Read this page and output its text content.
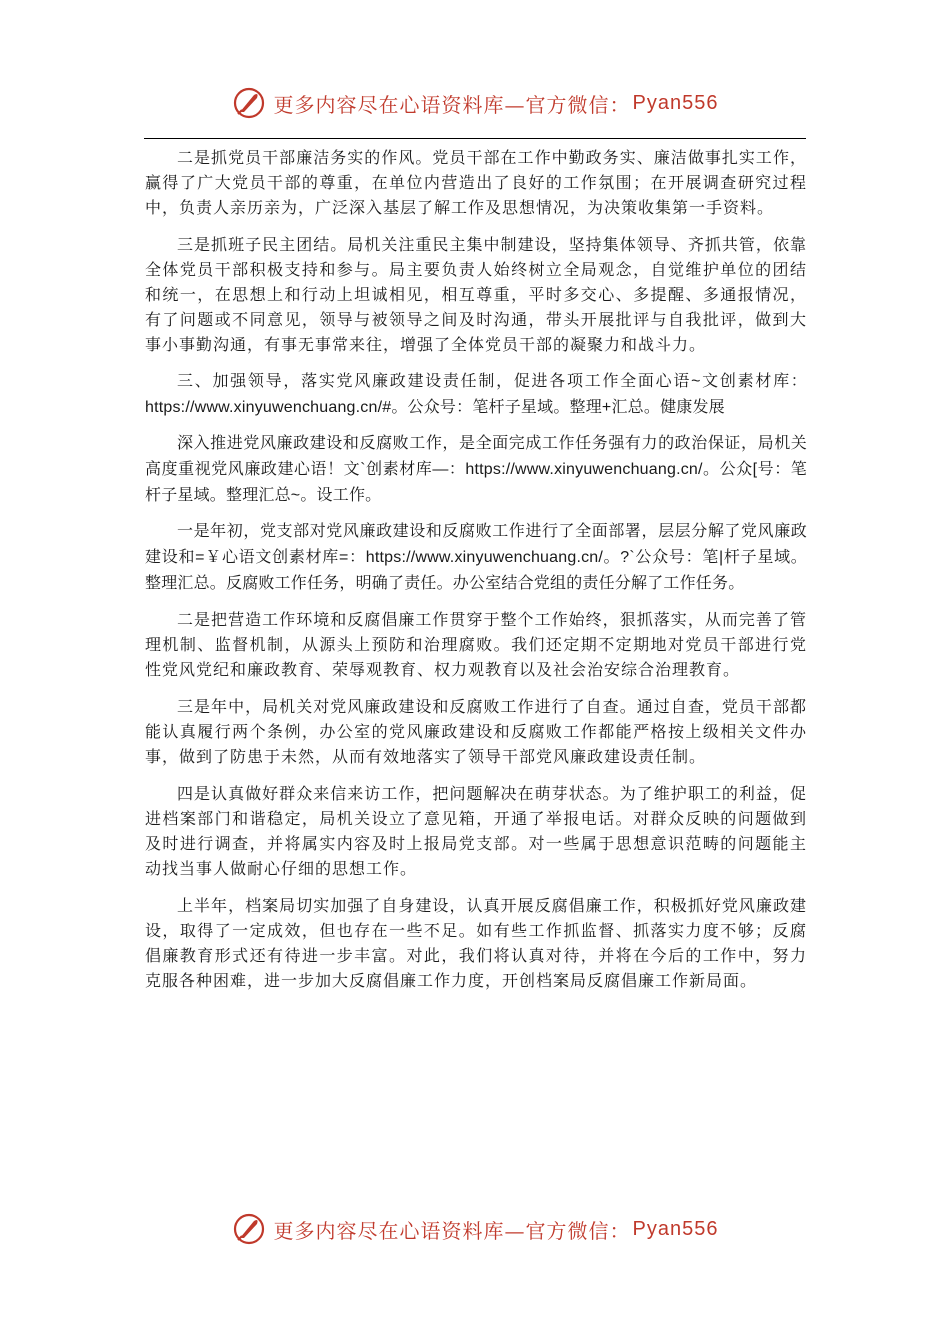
更多内容尽在心语资料库—官方微信： Pyan556

二是抓党员干部廉洁务实的作风。党员干部在工作中勤政务实、廉洁做事扎实工作，赢得了广大党员干部的尊重，在单位内营造出了良好的工作氛围；在开展调查研究过程中，负责人亲历亲为，广泛深入基层了解工作及思想情况，为决策收集第一手资料。

三是抓班子民主团结。局机关注重民主集中制建设，坚持集体领导、齐抓共管，依靠全体党员干部积极支持和参与。局主要负责人始终树立全局观念，自觉维护单位的团结和统一，在思想上和行动上坦诚相见，相互尊重，平时多交心、多提醒、多通报情况，有了问题或不同意见，领导与被领导之间及时沟通，带头开展批评与自我批评，做到大事小事勤沟通，有事无事常来往，增强了全体党员干部的凝聚力和战斗力。

三、加强领导，落实党风廉政建设责任制，促进各项工作全面心语~文创素材库：https://www.xinyuwenchuang.cn/#。公众号：笔杆子星域。整理+汇总。健康发展

深入推进党风廉政建设和反腐败工作，是全面完成工作任务强有力的政治保证，局机关高度重视党风廉政建心语！文`创素材库—：https://www.xinyuwenchuang.cn/。公众[号：笔杆子星域。整理汇总~。设工作。

一是年初，党支部对党风廉政建设和反腐败工作进行了全面部署，层层分解了党风廉政建设和=￥心语文创素材库=：https://www.xinyuwenchuang.cn/。?`公众号：笔|杆子星域。整理汇总。反腐败工作任务，明确了责任。办公室结合党组的责任分解了工作任务。

二是把营造工作环境和反腐倡廉工作贯穿于整个工作始终，狠抓落实，从而完善了管理机制、监督机制，从源头上预防和治理腐败。我们还定期不定期地对党员干部进行党性党风党纪和廉政教育、荣辱观教育、权力观教育以及社会治安综合治理教育。

三是年中，局机关对党风廉政建设和反腐败工作进行了自查。通过自查，党员干部都能认真履行两个条例，办公室的党风廉政建设和反腐败工作都能严格按上级相关文件办事，做到了防患于未然，从而有效地落实了领导干部党风廉政建设责任制。

四是认真做好群众来信来访工作，把问题解决在萌芽状态。为了维护职工的利益，促进档案部门和谐稳定，局机关设立了意见箱，开通了举报电话。对群众反映的问题做到及时进行调查，并将属实内容及时上报局党支部。对一些属于思想意识范畴的问题能主动找当事人做耐心仔细的思想工作。

上半年，档案局切实加强了自身建设，认真开展反腐倡廉工作，积极抓好党风廉政建设，取得了一定成效，但也存在一些不足。如有些工作抓监督、抓落实力度不够；反腐倡廉教育形式还有待进一步丰富。对此，我们将认真对待，并将在今后的工作中，努力克服各种困难，进一步加大反腐倡廉工作力度，开创档案局反腐倡廉工作新局面。

更多内容尽在心语资料库—官方微信： Pyan556
